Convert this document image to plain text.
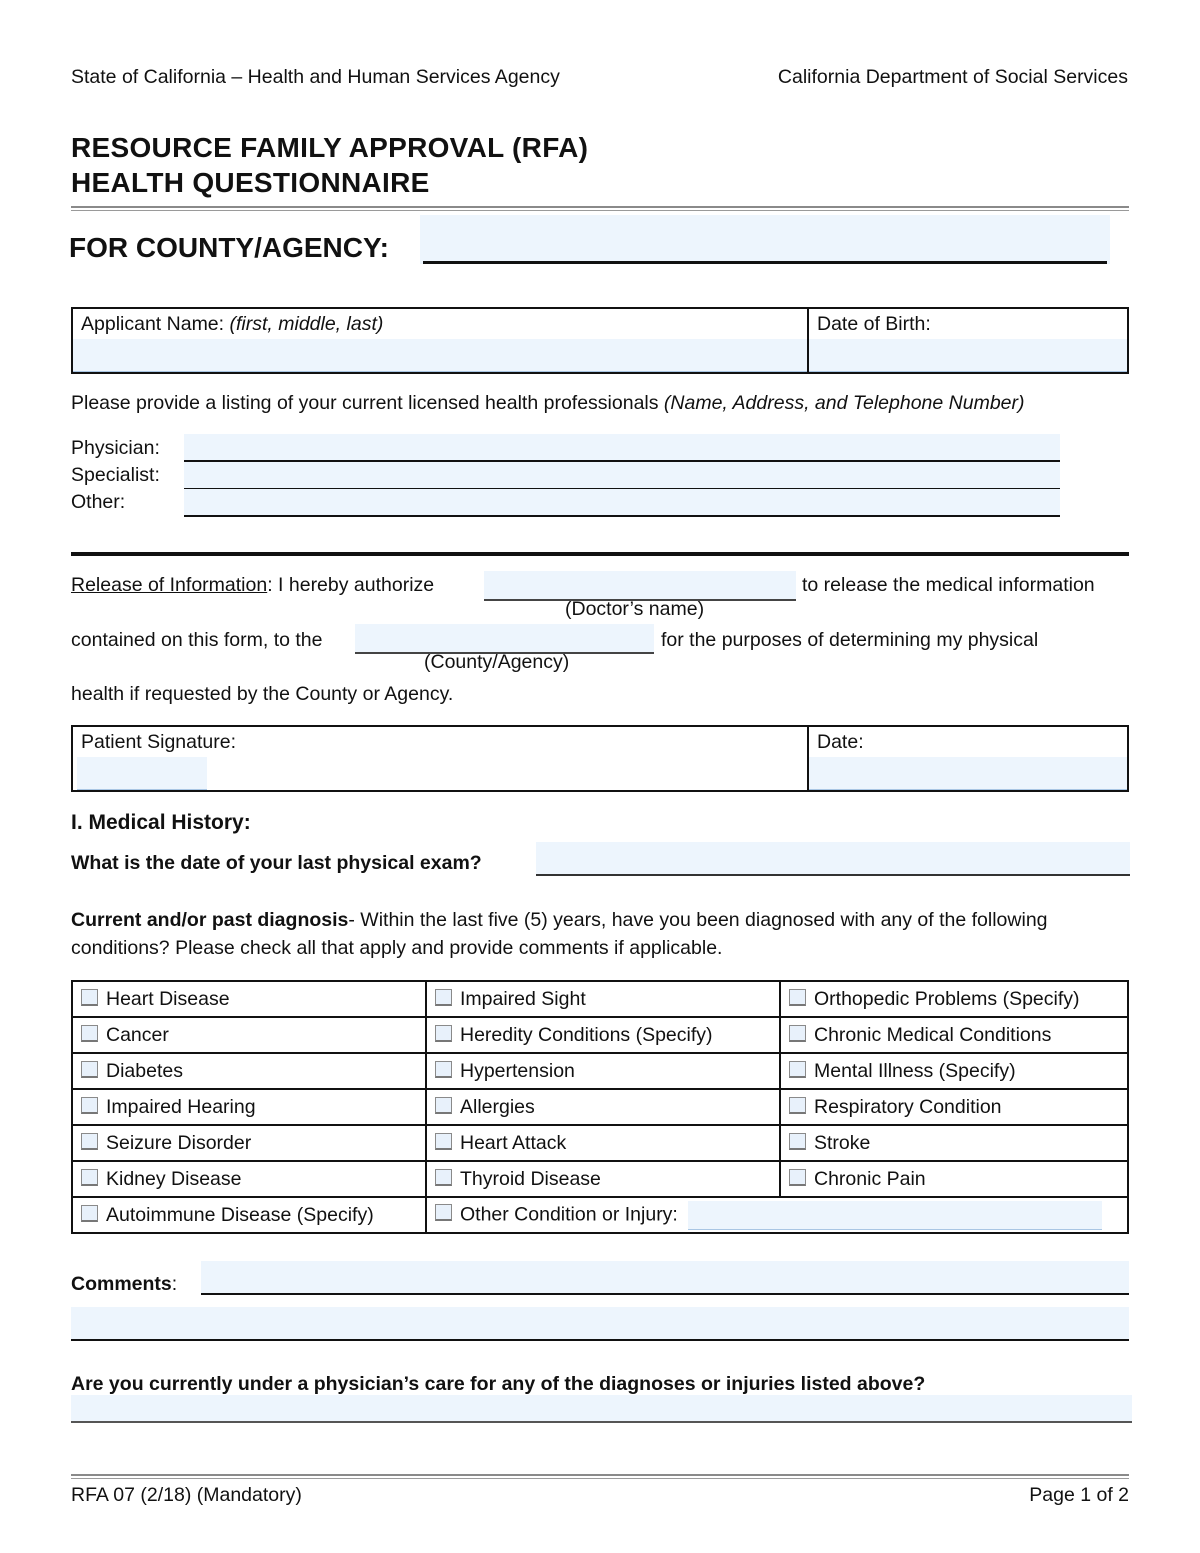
State of California – Health and Human Services Agency	California Department of Social Services
RESOURCE FAMILY APPROVAL (RFA)
HEALTH QUESTIONNAIRE
FOR COUNTY/AGENCY:
Applicant Name: (first, middle, last)	Date of Birth:
Please provide a listing of your current licensed health professionals (Name, Address, and Telephone Number)
Physician:
Specialist:
Other:
Release of Information: I hereby authorize	to release the medical information
(Doctor’s name)
contained on this form, to the	for the purposes of determining my physical
(County/Agency)
health if requested by the County or Agency.
Patient Signature:	Date:
I. Medical History:
What is the date of your last physical exam?
Current and/or past diagnosis- Within the last five (5) years, have you been diagnosed with any of the following conditions? Please check all that apply and provide comments if applicable.
Heart Disease	Impaired Sight	Orthopedic Problems (Specify)
Cancer	Heredity Conditions (Specify)	Chronic Medical Conditions
Diabetes	Hypertension	Mental Illness (Specify)
Impaired Hearing	Allergies	Respiratory Condition
Seizure Disorder	Heart Attack	Stroke
Kidney Disease	Thyroid Disease	Chronic Pain
Autoimmune Disease (Specify)	Other Condition or Injury:	
Comments:
Are you currently under a physician’s care for any of the diagnoses or injuries listed above?
RFA 07 (2/18) (Mandatory)	Page 1 of 2
